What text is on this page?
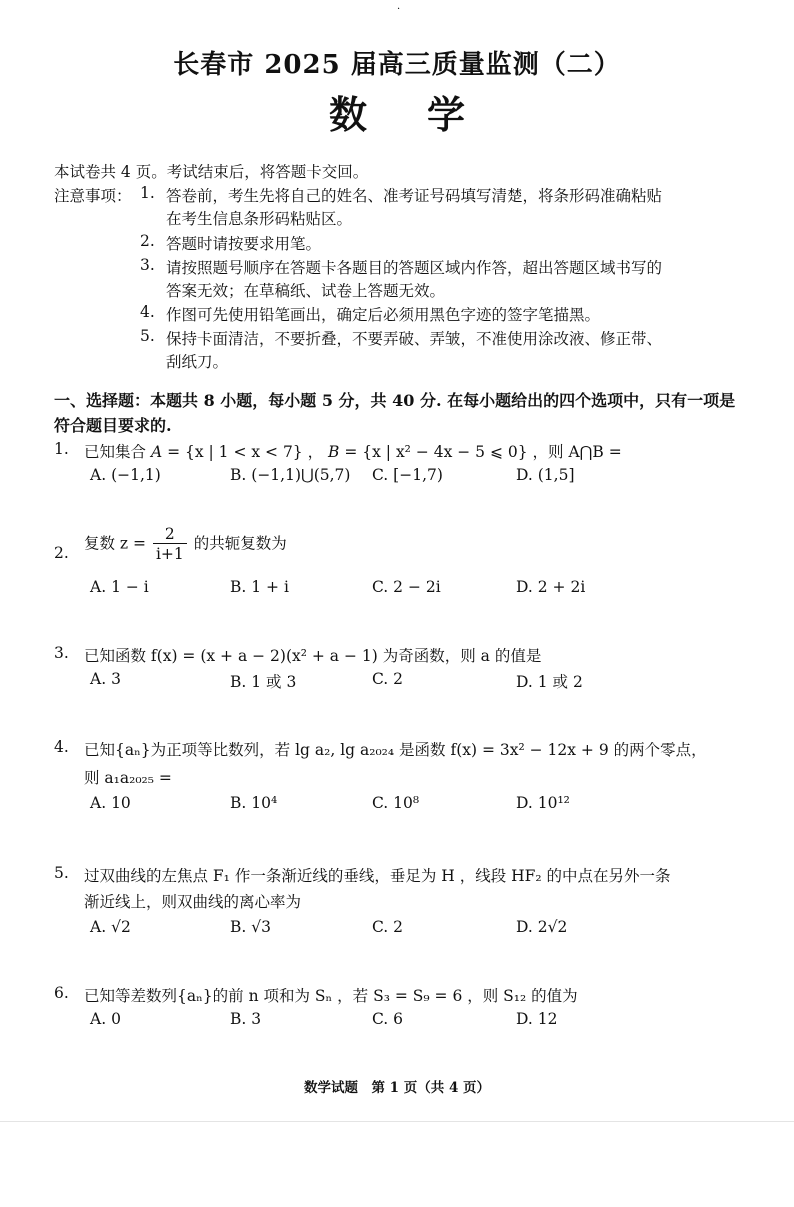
·
长春市 2025 届高三质量监测（二）
数 学
本试卷共 4 页。考试结束后，将答题卡交回。
注意事项： 1. 答卷前，考生先将自己的姓名、准考证号码填写清楚，将条形码准确粘贴
在考生信息条形码粘贴区。
2. 答题时请按要求用笔。
3. 请按照题号顺序在答题卡各题目的答题区域内作答，超出答题区域书写的
答案无效；在草稿纸、试卷上答题无效。
4. 作图可先使用铅笔画出，确定后必须用黑色字迹的签字笔描黑。
5. 保持卡面清洁，不要折叠，不要弄破、弄皱，不准使用涂改液、修正带、
刮纸刀。
一、选择题：本题共 8 小题，每小题 5 分，共 40 分. 在每小题给出的四个选项中，只有一项是符合题目要求的.
1. 已知集合 A = {x | 1 < x < 7} ， B = {x | x² − 4x − 5 ⩽ 0} ，则 A⋂B =
A. (−1,1)	B. (−1,1)⋃(5,7) C. [−1,7)	D. (1,5]
2.
复数 $z = \frac{2}{i+1}$ 的共轭复数为
A. 1 − i	B. 1 + i	C. 2 − 2i	D. 2 + 2i
3. 已知函数 f(x) = (x + a − 2)(x² + a − 1) 为奇函数，则 a 的值是
A. 3	B. 1 或 3	C. 2	D. 1 或 2
4. 已知{aₙ}为正项等比数列，若 lg a₂, lg a₂₀₂₄ 是函数 f(x) = 3x² − 12x + 9 的两个零点，
则 a₁a₂₀₂₅ =
A. 10	B. 10⁴	C. 10⁸	D. 10¹²
5. 过双曲线的左焦点 F₁ 作一条渐近线的垂线，垂足为 H ，线段 HF₂ 的中点在另外一条
渐近线上，则双曲线的离心率为
A. √2	B. √3	C. 2	D. 2√2
6. 已知等差数列{aₙ}的前 n 项和为 Sₙ ，若 S₃ = S₉ = 6 ，则 S₁₂ 的值为
A. 0	B. 3	C. 6	D. 12
数学试题　第 1 页（共 4 页）
